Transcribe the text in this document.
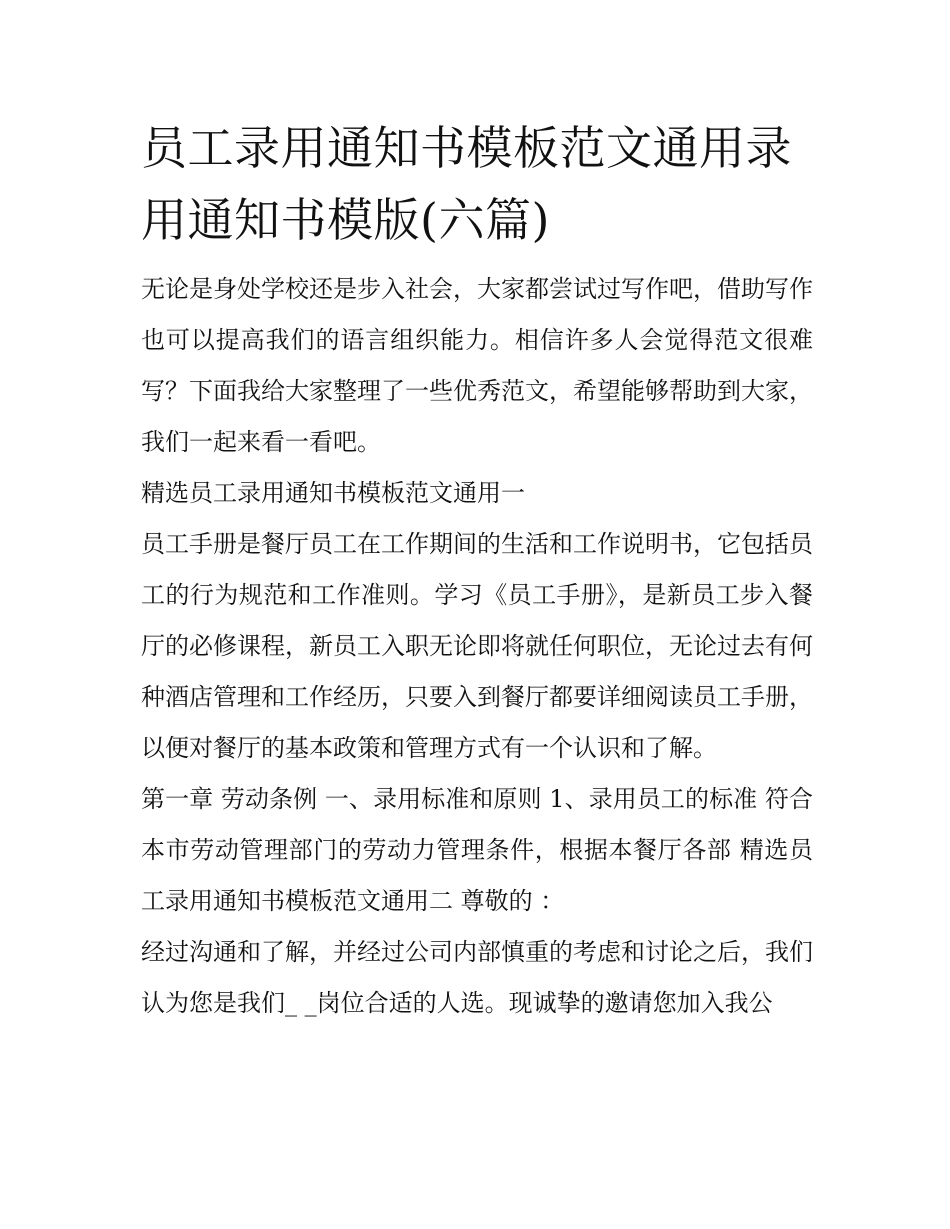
员工录用通知书模板范文通用录用通知书模版(六篇)

无论是身处学校还是步入社会，大家都尝试过写作吧，借助写作也可以提高我们的语言组织能力。相信许多人会觉得范文很难写？下面我给大家整理了一些优秀范文，希望能够帮助到大家，我们一起来看一看吧。

精选员工录用通知书模板范文通用一

员工手册是餐厅员工在工作期间的生活和工作说明书，它包括员工的行为规范和工作准则。学习《员工手册》，是新员工步入餐厅的必修课程，新员工入职无论即将就任何职位，无论过去有何种酒店管理和工作经历，只要入到餐厅都要详细阅读员工手册，以便对餐厅的基本政策和管理方式有一个认识和了解。

第一章 劳动条例 一、录用标准和原则 1、录用员工的标准 符合本市劳动管理部门的劳动力管理条件，根据本餐厅各部 精选员工录用通知书模板范文通用二 尊敬的 ：

经过沟通和了解，并经过公司内部慎重的考虑和讨论之后，我们认为您是我们_ _岗位合适的人选。现诚挚的邀请您加入我公
